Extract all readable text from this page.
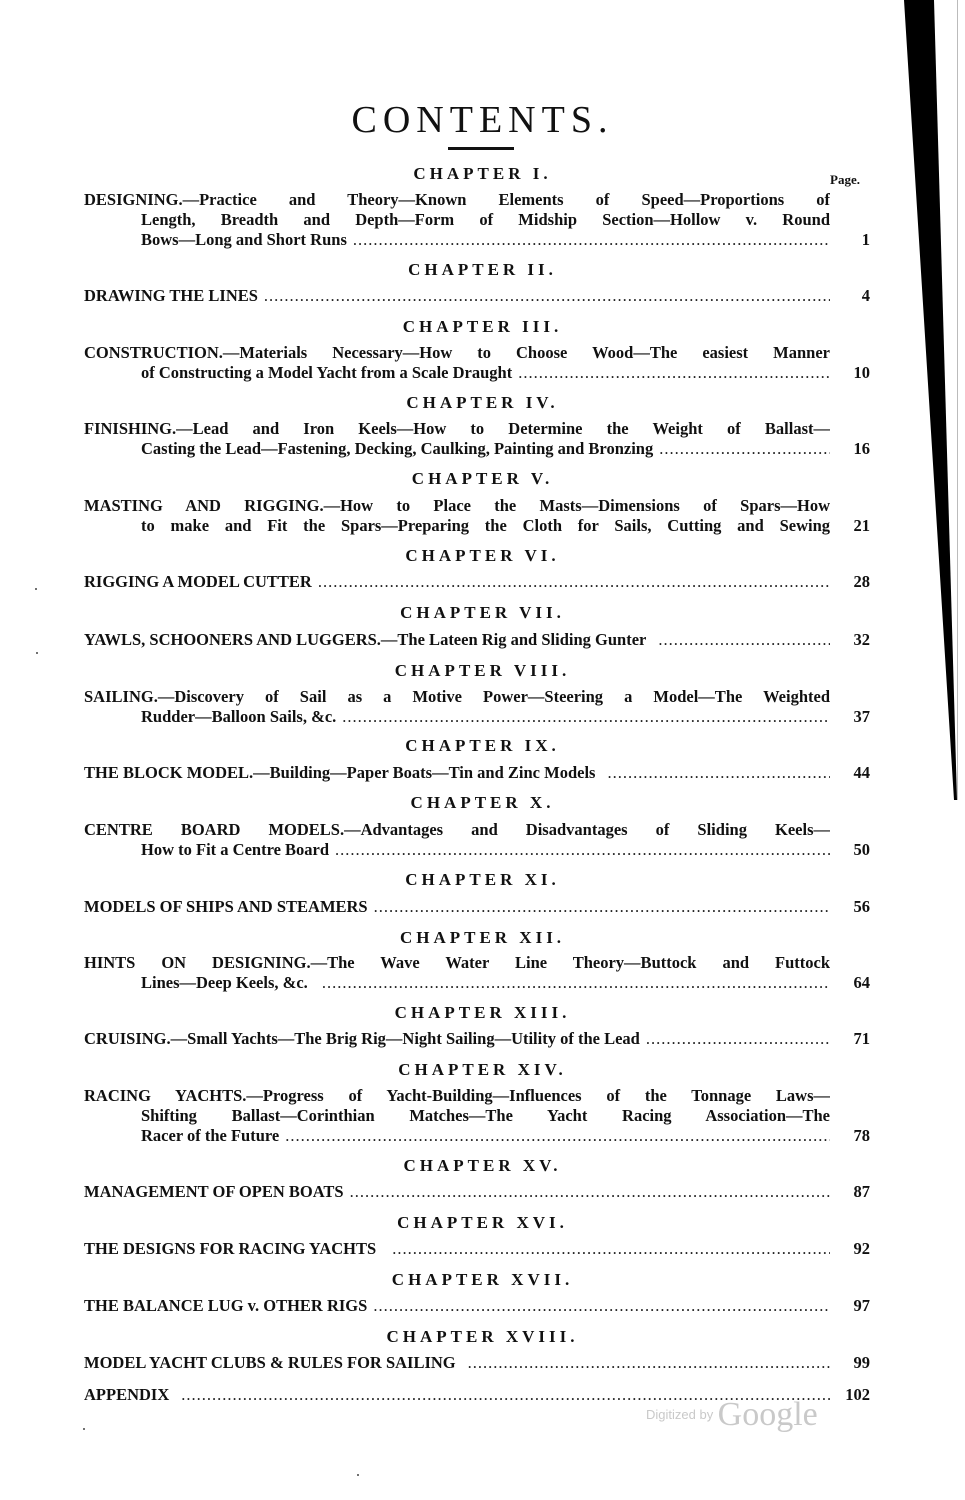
CONTENTS.
Page.
CHAPTER I.
DESIGNING.—Practice and Theory—Known Elements of Speed—Proportions of
Length, Breadth and Depth—Form of Midship Section—Hollow v. Round
Bows—Long and Short Runs .....	1
CHAPTER II.
DRAWING THE LINES .....	4
CHAPTER III.
CONSTRUCTION.—Materials Necessary—How to Choose Wood—The easiest Manner
of Constructing a Model Yacht from a Scale Draught .....	10
CHAPTER IV.
FINISHING.—Lead and Iron Keels—How to Determine the Weight of Ballast—
Casting the Lead—Fastening, Decking, Caulking, Painting and Bronzing .....	16
CHAPTER V.
MASTING AND RIGGING.—How to Place the Masts—Dimensions of Spars—How
to make and Fit the Spars—Preparing the Cloth for Sails, Cutting and Sewing	21
CHAPTER VI.
RIGGING A MODEL CUTTER .....	28
CHAPTER VII.
YAWLS, SCHOONERS AND LUGGERS.—The Lateen Rig and Sliding Gunter .....	32
CHAPTER VIII.
SAILING.—Discovery of Sail as a Motive Power—Steering a Model—The Weighted
Rudder—Balloon Sails, &c. .....	37
CHAPTER IX.
THE BLOCK MODEL.—Building—Paper Boats—Tin and Zinc Models .....	44
CHAPTER X.
CENTRE BOARD MODELS.—Advantages and Disadvantages of Sliding Keels—
How to Fit a Centre Board .....	50
CHAPTER XI.
MODELS OF SHIPS AND STEAMERS .....	56
CHAPTER XII.
HINTS ON DESIGNING.—The Wave Water Line Theory—Buttock and Futtock
Lines—Deep Keels, &c. .....	64
CHAPTER XIII.
CRUISING.—Small Yachts—The Brig Rig—Night Sailing—Utility of the Lead .....	71
CHAPTER XIV.
RACING YACHTS.—Progress of Yacht-Building—Influences of the Tonnage Laws—
Shifting Ballast—Corinthian Matches—The Yacht Racing Association—The
Racer of the Future .....	78
CHAPTER XV.
MANAGEMENT OF OPEN BOATS .....	87
CHAPTER XVI.
THE DESIGNS FOR RACING YACHTS .....	92
CHAPTER XVII.
THE BALANCE LUG v. OTHER RIGS .....	97
CHAPTER XVIII.
MODEL YACHT CLUBS & RULES FOR SAILING .....	99
APPENDIX .....	102
$^{Digitized by}$ Google
